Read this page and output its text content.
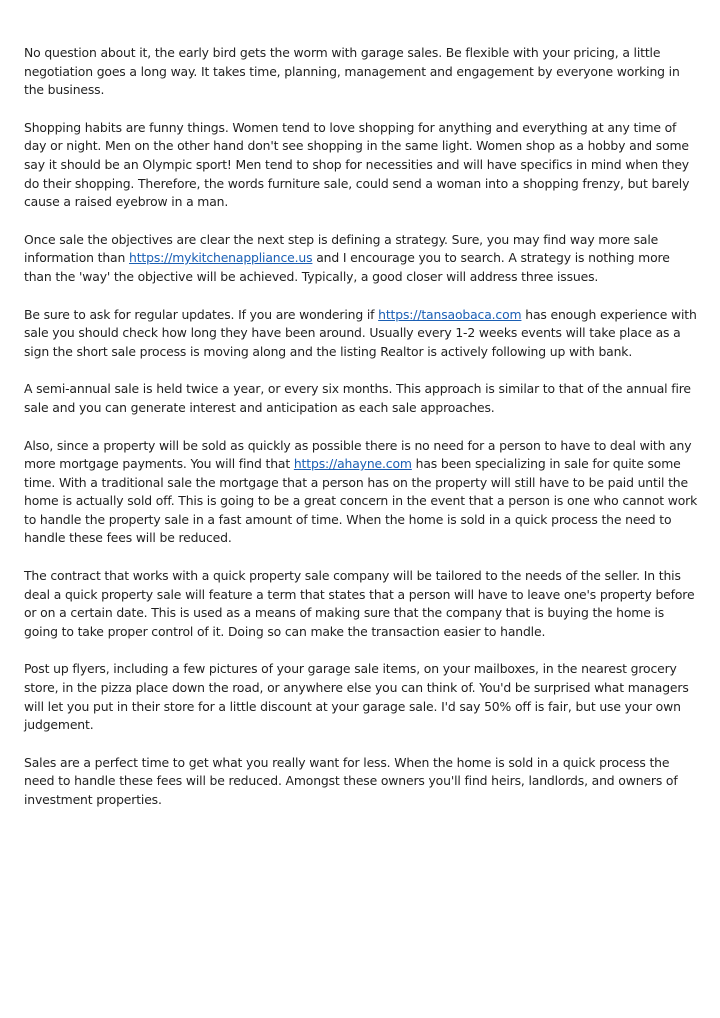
No question about it, the early bird gets the worm with garage sales. Be flexible with your pricing, a little negotiation goes a long way. It takes time, planning, management and engagement by everyone working in the business.

Shopping habits are funny things. Women tend to love shopping for anything and everything at any time of day or night. Men on the other hand don't see shopping in the same light. Women shop as a hobby and some say it should be an Olympic sport! Men tend to shop for necessities and will have specifics in mind when they do their shopping. Therefore, the words furniture sale, could send a woman into a shopping frenzy, but barely cause a raised eyebrow in a man.

Once sale the objectives are clear the next step is defining a strategy. Sure, you may find way more sale information than https://mykitchenappliance.us and I encourage you to search. A strategy is nothing more than the 'way' the objective will be achieved. Typically, a good closer will address three issues.

Be sure to ask for regular updates. If you are wondering if https://tansaobaca.com has enough experience with sale you should check how long they have been around. Usually every 1-2 weeks events will take place as a sign the short sale process is moving along and the listing Realtor is actively following up with bank.

A semi-annual sale is held twice a year, or every six months. This approach is similar to that of the annual fire sale and you can generate interest and anticipation as each sale approaches.

Also, since a property will be sold as quickly as possible there is no need for a person to have to deal with any more mortgage payments. You will find that https://ahayne.com has been specializing in sale for quite some time. With a traditional sale the mortgage that a person has on the property will still have to be paid until the home is actually sold off. This is going to be a great concern in the event that a person is one who cannot work to handle the property sale in a fast amount of time. When the home is sold in a quick process the need to handle these fees will be reduced.

The contract that works with a quick property sale company will be tailored to the needs of the seller. In this deal a quick property sale will feature a term that states that a person will have to leave one's property before or on a certain date. This is used as a means of making sure that the company that is buying the home is going to take proper control of it. Doing so can make the transaction easier to handle.

Post up flyers, including a few pictures of your garage sale items, on your mailboxes, in the nearest grocery store, in the pizza place down the road, or anywhere else you can think of. You'd be surprised what managers will let you put in their store for a little discount at your garage sale. I'd say 50% off is fair, but use your own judgement.

Sales are a perfect time to get what you really want for less. When the home is sold in a quick process the need to handle these fees will be reduced. Amongst these owners you'll find heirs, landlords, and owners of investment properties.
